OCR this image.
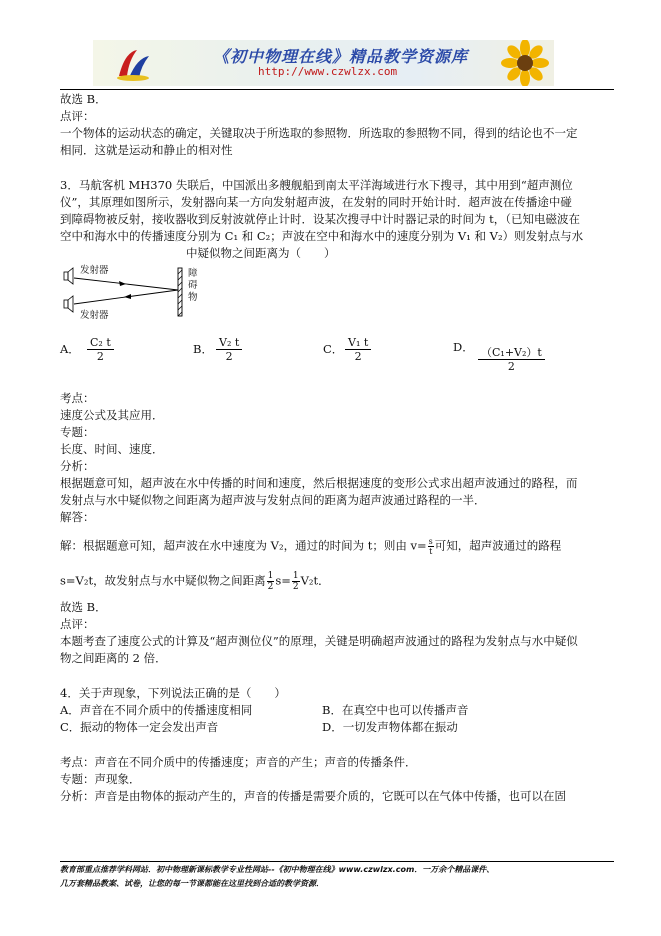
《初中物理在线》精品教学资源库
http://www.czwlzx.com
故选 B．
点评：
一个物体的运动状态的确定，关键取决于所选取的参照物．所选取的参照物不同，得到的结论也不一定
相同．这就是运动和静止的相对性
3．马航客机 MH370 失联后，中国派出多艘舰船到南太平洋海域进行水下搜寻，其中用到“超声测位
仪”，其原理如图所示，发射器向某一方向发射超声波，在发射的同时开始计时．超声波在传播途中碰
到障碍物被反射，接收器收到反射波就停止计时．设某次搜寻中计时器记录的时间为 t，（已知电磁波在
空中和海水中的传播速度分别为 C₁ 和 C₂；声波在空中和海水中的速度分别为 V₁ 和 V₂）则发射点与水
中疑似物之间距离为（　　）
发射器
发射器
障碍物
A． $\frac{\text{C₂ t}}{2}$	B． $\frac{\text{V₂ t}}{2}$	C． $\frac{\text{V₁ t}}{2}$	D． $\frac{\text{（C₁+V₂）t}}{2}$
考点：
速度公式及其应用．
专题：
长度、时间、速度．
分析：
根据题意可知，超声波在水中传播的时间和速度，然后根据速度的变形公式求出超声波通过的路程，而
发射点与水中疑似物之间距离为超声波与发射点间的距离为超声波通过路程的一半．
解答：
解：根据题意可知，超声波在水中速度为 V₂，通过的时间为 t；则由 $v= \frac{s}{t}$ 可知，超声波通过的路程
s=V₂t，故发射点与水中疑似物之间距离 $\frac{1}{2} s= \frac{1}{2} V_2t$．
故选 B．
点评：
本题考查了速度公式的计算及“超声测位仪”的原理，关键是明确超声波通过的路程为发射点与水中疑似
物之间距离的 2 倍．
4．关于声现象，下列说法正确的是（　　）
A．声音在不同介质中的传播速度相同	B．在真空中也可以传播声音
C．振动的物体一定会发出声音	D．一切发声物体都在振动
考点：声音在不同介质中的传播速度；声音的产生；声音的传播条件．
专题：声现象．
分析：声音是由物体的振动产生的，声音的传播是需要介质的，它既可以在气体中传播，也可以在固
教育部重点推荐学科网站．初中物理新课标教学专业性网站--《初中物理在线》www.czwlzx.com．一万余个精品课件、
几万套精品教案、试卷，让您的每一节课都能在这里找到合适的教学资源．
